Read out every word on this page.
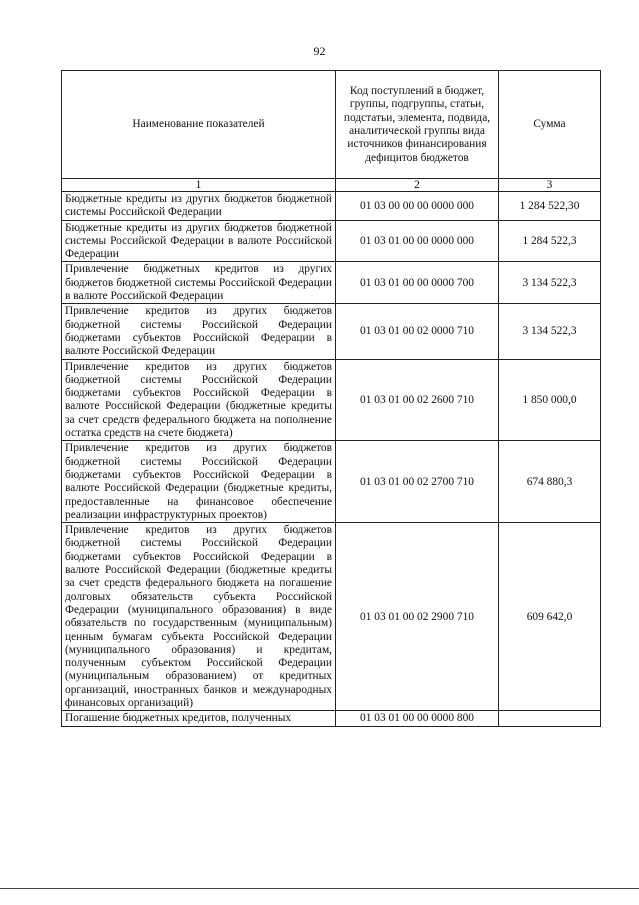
92
Наименование показателей	Код поступлений в бюджет, группы, подгруппы, статьи, подстатьи, элемента, подвида, аналитической группы вида источников финансирования дефицитов бюджетов	Сумма
1	2	3
Бюджетные кредиты из других бюджетов бюджетной системы Российской Федерации	01 03 00 00 00 0000 000	1 284 522,30
Бюджетные кредиты из других бюджетов бюджетной системы Российской Федерации в валюте Российской Федерации	01 03 01 00 00 0000 000	1 284 522,3
Привлечение бюджетных кредитов из других бюджетов бюджетной системы Российской Федерации в валюте Российской Федерации	01 03 01 00 00 0000 700	3 134 522,3
Привлечение кредитов из других бюджетов бюджетной системы Российской Федерации бюджетами субъектов Российской Федерации в валюте Российской Федерации	01 03 01 00 02 0000 710	3 134 522,3
Привлечение кредитов из других бюджетов бюджетной системы Российской Федерации бюджетами субъектов Российской Федерации в валюте Российской Федерации (бюджетные кредиты за счет средств федерального бюджета на пополнение остатка средств на счете бюджета)	01 03 01 00 02 2600 710	1 850 000,0
Привлечение кредитов из других бюджетов бюджетной системы Российской Федерации бюджетами субъектов Российской Федерации в валюте Российской Федерации (бюджетные кредиты, предоставленные на финансовое обеспечение реализации инфраструктурных проектов)	01 03 01 00 02 2700 710	674 880,3
Привлечение кредитов из других бюджетов бюджетной системы Российской Федерации бюджетами субъектов Российской Федерации в валюте Российской Федерации (бюджетные кредиты за счет средств федерального бюджета на погашение долговых обязательств субъекта Российской Федерации (муниципального образования) в виде обязательств по государственным (муниципальным) ценным бумагам субъекта Российской Федерации (муниципального образования) и кредитам, полученным субъектом Российской Федерации (муниципальным образованием) от кредитных организаций, иностранных банков и международных финансовых организаций)	01 03 01 00 02 2900 710	609 642,0
Погашение бюджетных кредитов, полученных	01 03 01 00 00 0000 800	
